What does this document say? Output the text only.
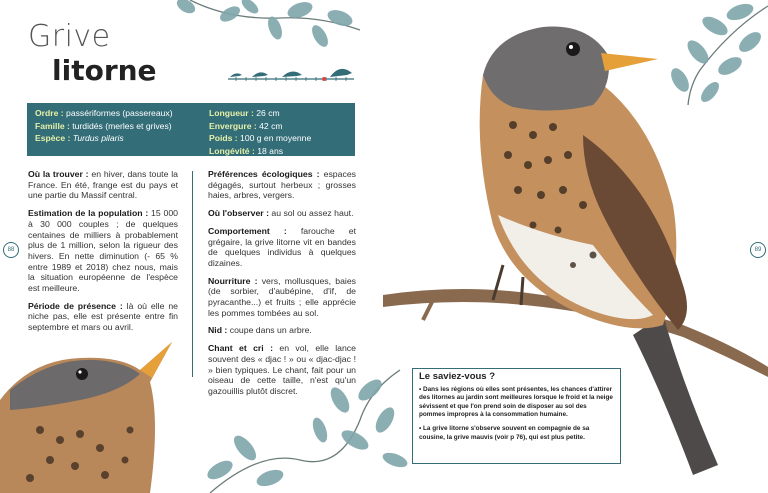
Grive
litorne
Ordre : passériformes (passereaux)
Famille : turdidés (merles et grives)
Espèce : Turdus pilaris
Longueur : 26 cm
Envergure : 42 cm
Poids : 100 g en moyenne
Longévité : 18 ans

Où la trouver : en hiver, dans toute la France. En été, frange est du pays et une partie du Massif central.

Estimation de la population : 15 000 à 30 000 couples ; de quelques centaines de milliers à probablement plus de 1 million, selon la rigueur des hivers. En nette diminution (- 65 % entre 1989 et 2018) chez nous, mais la situation européenne de l'espèce est meilleure.

Période de présence : là où elle ne niche pas, elle est présente entre fin septembre et mars ou avril.

Préférences écologiques : espaces dégagés, surtout herbeux ; grosses haies, arbres, vergers.

Où l'observer : au sol ou assez haut.

Comportement : farouche et grégaire, la grive litorne vit en bandes de quelques individus à quelques dizaines.

Nourriture : vers, mollusques, baies (de sorbier, d'aubépine, d'if, de pyracanthe...) et fruits ; elle apprécie les pommes tombées au sol.

Nid : coupe dans un arbre.

Chant et cri : en vol, elle lance souvent des « djac ! » ou « djac-djac ! » bien typiques. Le chant, fait pour un oiseau de cette taille, n'est qu'un gazouillis plutôt discret.

88	89
Le saviez-vous ?

• Dans les régions où elles sont présentes, les chances d'attirer des litornes au jardin sont meilleures lorsque le froid et la neige sévissent et que l'on prend soin de disposer au sol des pommes impropres à la consommation humaine.

• La grive litorne s'observe souvent en compagnie de sa cousine, la grive mauvis (voir p 76), qui est plus petite.
